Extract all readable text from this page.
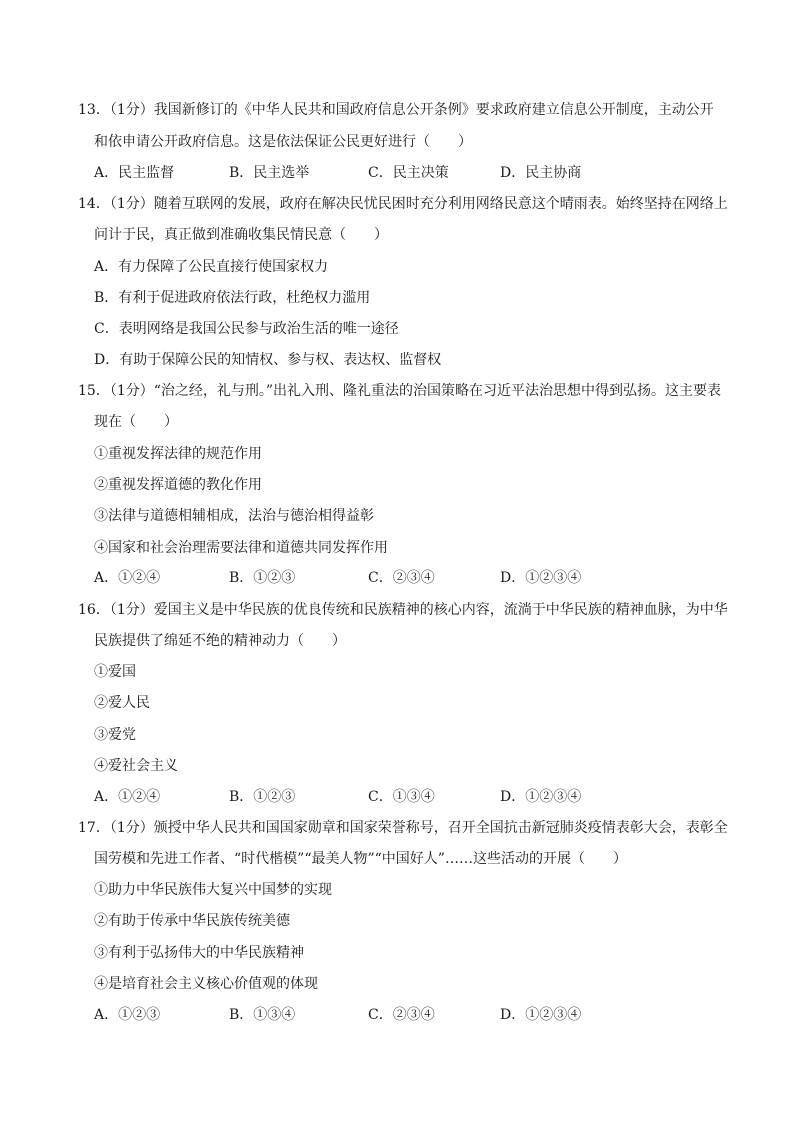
13．（1分）我国新修订的《中华人民共和国政府信息公开条例》要求政府建立信息公开制度，主动公开
和依申请公开政府信息。这是依法保证公民更好进行（　　）
A．民主监督	B．民主选举	C．民主决策	D．民主协商
14．（1分）随着互联网的发展，政府在解决民忧民困时充分利用网络民意这个晴雨表。始终坚持在网络上
问计于民，真正做到准确收集民情民意（　　）
A．有力保障了公民直接行使国家权力
B．有利于促进政府依法行政，杜绝权力滥用
C．表明网络是我国公民参与政治生活的唯一途径
D．有助于保障公民的知情权、参与权、表达权、监督权
15．（1分）“治之经，礼与刑。”出礼入刑、隆礼重法的治国策略在习近平法治思想中得到弘扬。这主要表
现在（　　）
①重视发挥法律的规范作用
②重视发挥道德的教化作用
③法律与道德相辅相成，法治与德治相得益彰
④国家和社会治理需要法律和道德共同发挥作用
A．①②④	B．①②③	C．②③④	D．①②③④
16．（1分）爱国主义是中华民族的优良传统和民族精神的核心内容，流淌于中华民族的精神血脉，为中华
民族提供了绵延不绝的精神动力（　　）
①爱国
②爱人民
③爱党
④爱社会主义
A．①②④	B．①②③	C．①③④	D．①②③④
17．（1分）颁授中华人民共和国国家勋章和国家荣誉称号，召开全国抗击新冠肺炎疫情表彰大会，表彰全
国劳模和先进工作者、“时代楷模”“最美人物”“中国好人”……这些活动的开展（　　）
①助力中华民族伟大复兴中国梦的实现
②有助于传承中华民族传统美德
③有利于弘扬伟大的中华民族精神
④是培育社会主义核心价值观的体现
A．①②③	B．①③④	C．②③④	D．①②③④
